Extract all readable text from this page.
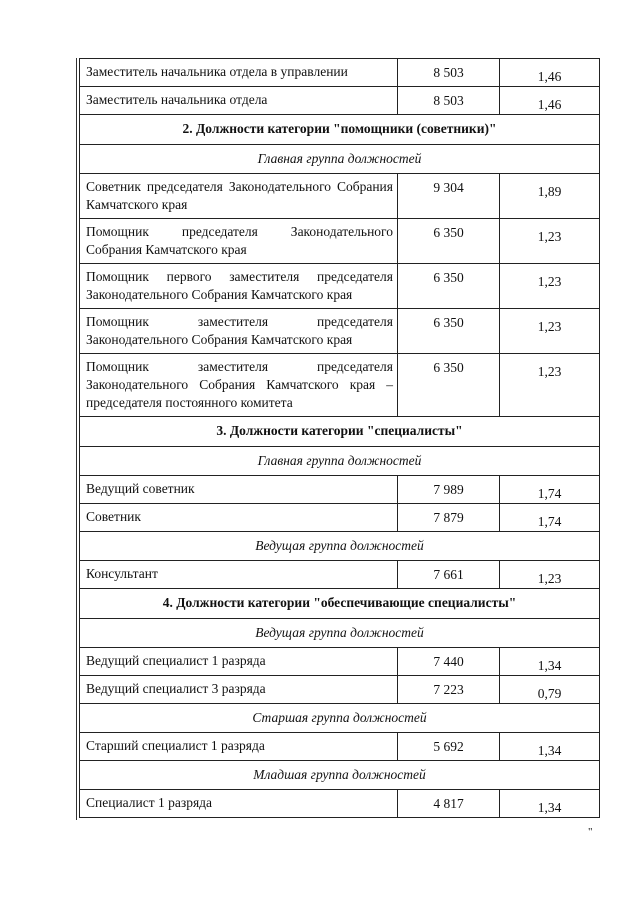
Заместитель начальника отдела в управлении	8 503	1,46
Заместитель начальника отдела	8 503	1,46
2. Должности категории "помощники (советники)"		
Главная группа должностей		
Советник председателя Законодательного Собрания Камчатского края	9 304	1,89
Помощник председателя Законодательного Собрания Камчатского края	6 350	1,23
Помощник первого заместителя председателя Законодательного Собрания Камчатского края	6 350	1,23
Помощник заместителя председателя Законодательного Собрания Камчатского края	6 350	1,23
Помощник заместителя председателя Законодательного Собрания Камчатского края – председателя постоянного комитета	6 350	1,23
3. Должности категории "специалисты"		
Главная группа должностей		
Ведущий советник	7 989	1,74
Советник	7 879	1,74
Ведущая группа должностей		
Консультант	7 661	1,23
4. Должности категории "обеспечивающие специалисты"		
Ведущая группа должностей		
Ведущий специалист 1 разряда	7 440	1,34
Ведущий специалист 3 разряда	7 223	0,79
Старшая группа должностей		
Старший специалист 1 разряда	5 692	1,34
Младшая группа должностей		
Специалист 1 разряда	4 817	1,34
"
